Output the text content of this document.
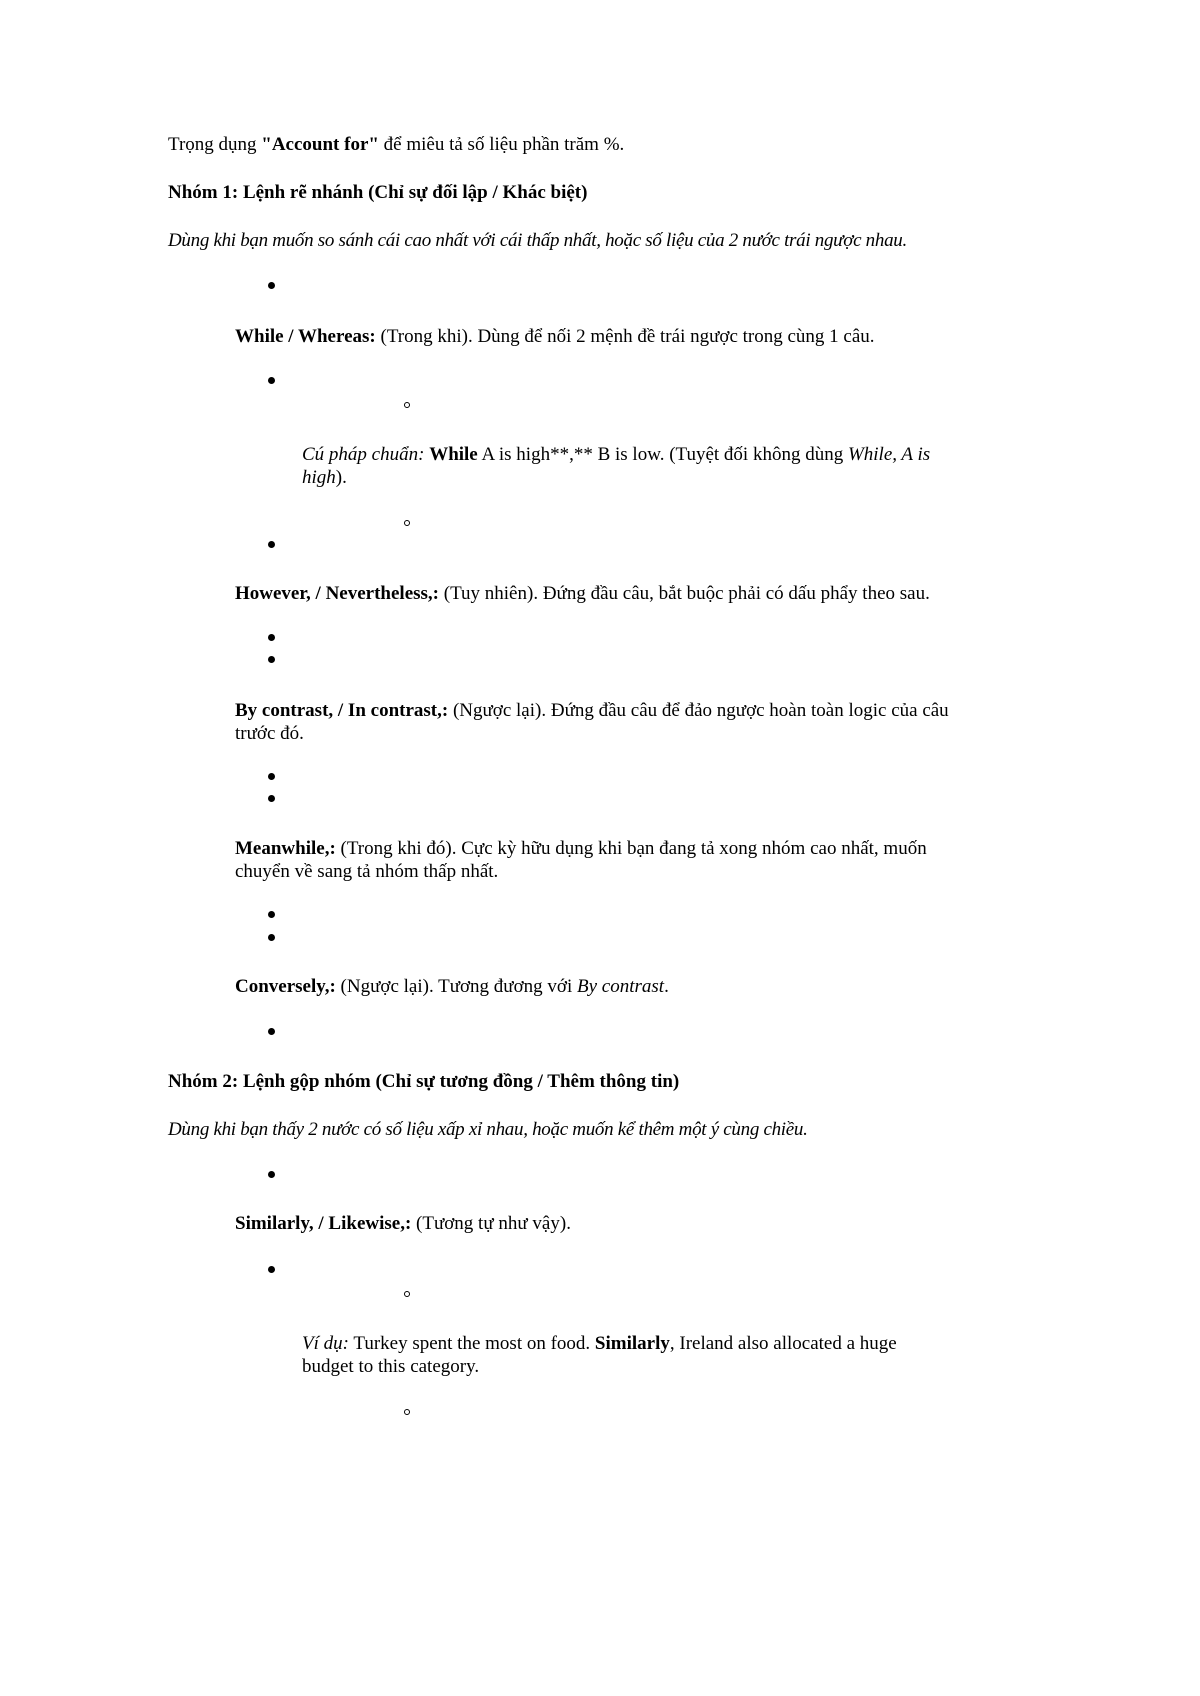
Trọng dụng "Account for" để miêu tả số liệu phần trăm %.
Nhóm 1: Lệnh rẽ nhánh (Chỉ sự đối lập / Khác biệt)
Dùng khi bạn muốn so sánh cái cao nhất với cái thấp nhất, hoặc số liệu của 2 nước trái ngược nhau.
While / Whereas: (Trong khi). Dùng để nối 2 mệnh đề trái ngược trong cùng 1 câu.
Cú pháp chuẩn: While A is high**,** B is low. (Tuyệt đối không dùng While, A is high).
However, / Nevertheless,: (Tuy nhiên). Đứng đầu câu, bắt buộc phải có dấu phẩy theo sau.
By contrast, / In contrast,: (Ngược lại). Đứng đầu câu để đảo ngược hoàn toàn logic của câu trước đó.
Meanwhile,: (Trong khi đó). Cực kỳ hữu dụng khi bạn đang tả xong nhóm cao nhất, muốn chuyển về sang tả nhóm thấp nhất.
Conversely,: (Ngược lại). Tương đương với By contrast.
Nhóm 2: Lệnh gộp nhóm (Chỉ sự tương đồng / Thêm thông tin)
Dùng khi bạn thấy 2 nước có số liệu xấp xỉ nhau, hoặc muốn kể thêm một ý cùng chiều.
Similarly, / Likewise,: (Tương tự như vậy).
Ví dụ: Turkey spent the most on food. Similarly, Ireland also allocated a huge budget to this category.
